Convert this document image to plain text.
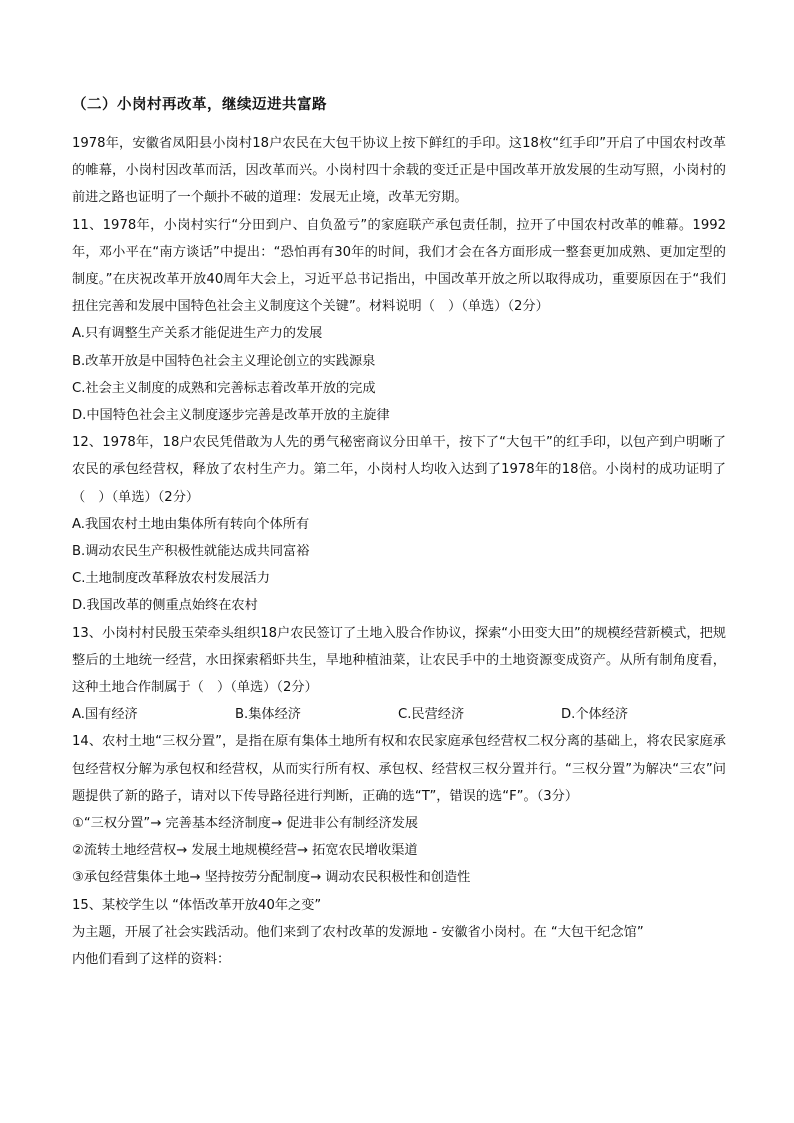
（二）小岗村再改革，继续迈进共富路

1978年，安徽省凤阳县小岗村18户农民在大包干协议上按下鲜红的手印。这18枚“红手印”开启了中国农村改革的帷幕，小岗村因改革而活，因改革而兴。小岗村四十余载的变迁正是中国改革开放发展的生动写照，小岗村的前进之路也证明了一个颠扑不破的道理：发展无止境，改革无穷期。

11、1978年，小岗村实行“分田到户、自负盈亏”的家庭联产承包责任制，拉开了中国农村改革的帷幕。1992年，邓小平在“南方谈话”中提出：“恐怕再有30年的时间，我们才会在各方面形成一整套更加成熟、更加定型的制度。”在庆祝改革开放40周年大会上，习近平总书记指出，中国改革开放之所以取得成功，重要原因在于“我们扭住完善和发展中国特色社会主义制度这个关键”。材料说明（　）（单选）（2分）

A.只有调整生产关系才能促进生产力的发展

B.改革开放是中国特色社会主义理论创立的实践源泉

C.社会主义制度的成熟和完善标志着改革开放的完成

D.中国特色社会主义制度逐步完善是改革开放的主旋律

12、1978年，18户农民凭借敢为人先的勇气秘密商议分田单干，按下了“大包干”的红手印，以包产到户明晰了农民的承包经营权，释放了农村生产力。第二年，小岗村人均收入达到了1978年的18倍。小岗村的成功证明了（　）（单选）（2分）

A.我国农村土地由集体所有转向个体所有

B.调动农民生产积极性就能达成共同富裕

C.土地制度改革释放农村发展活力

D.我国改革的侧重点始终在农村

13、小岗村村民殷玉荣牵头组织18户农民签订了土地入股合作协议，探索“小田变大田”的规模经营新模式，把规整后的土地统一经营，水田探索稻虾共生，旱地种植油菜，让农民手中的土地资源变成资产。从所有制角度看，这种土地合作制属于（　）（单选）（2分）

A.国有经济	B.集体经济	C.民营经济	D.个体经济

14、农村土地“三权分置”，是指在原有集体土地所有权和农民家庭承包经营权二权分离的基础上，将农民家庭承包经营权分解为承包权和经营权，从而实行所有权、承包权、经营权三权分置并行。“三权分置”为解决“三农”问题提供了新的路子，请对以下传导路径进行判断，正确的选“T”，错误的选“F”。（3分）

①“三权分置”→ 完善基本经济制度→ 促进非公有制经济发展

②流转土地经营权→ 发展土地规模经营→ 拓宽农民增收渠道

③承包经营集体土地→ 坚持按劳分配制度→ 调动农民积极性和创造性

15、某校学生以 “体悟改革开放40年之变”

为主题，开展了社会实践活动。他们来到了农村改革的发源地 - 安徽省小岗村。在 “大包干纪念馆”

内他们看到了这样的资料：
